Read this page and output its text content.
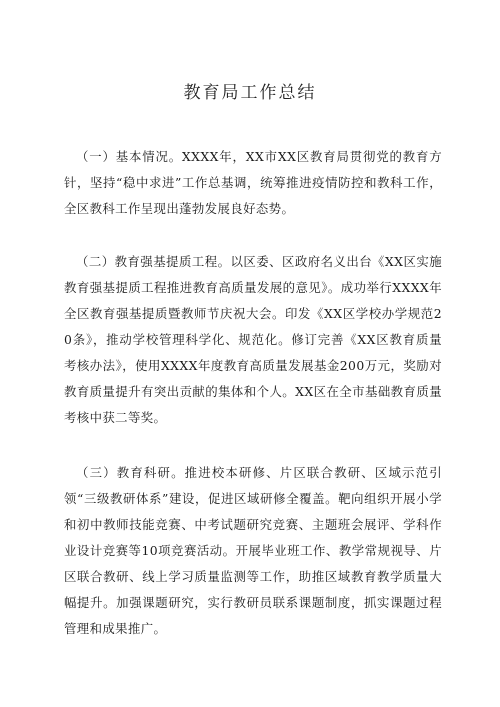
教育局工作总结

（一）基本情况。XXXX年，XX市XX区教育局贯彻党的教育方针，坚持“稳中求进”工作总基调，统筹推进疫情防控和教科工作，全区教科工作呈现出蓬勃发展良好态势。

（二）教育强基提质工程。以区委、区政府名义出台《XX区实施教育强基提质工程推进教育高质量发展的意见》。成功举行XXXX年全区教育强基提质暨教师节庆祝大会。印发《XX区学校办学规范20条》，推动学校管理科学化、规范化。修订完善《XX区教育质量考核办法》，使用XXXX年度教育高质量发展基金200万元，奖励对教育质量提升有突出贡献的集体和个人。XX区在全市基础教育质量考核中获二等奖。

（三）教育科研。推进校本研修、片区联合教研、区域示范引领“三级教研体系”建设，促进区域研修全覆盖。靶向组织开展小学和初中教师技能竞赛、中考试题研究竞赛、主题班会展评、学科作业设计竞赛等10项竞赛活动。开展毕业班工作、教学常规视导、片区联合教研、线上学习质量监测等工作，助推区域教育教学质量大幅提升。加强课题研究，实行教研员联系课题制度，抓实课题过程管理和成果推广。
